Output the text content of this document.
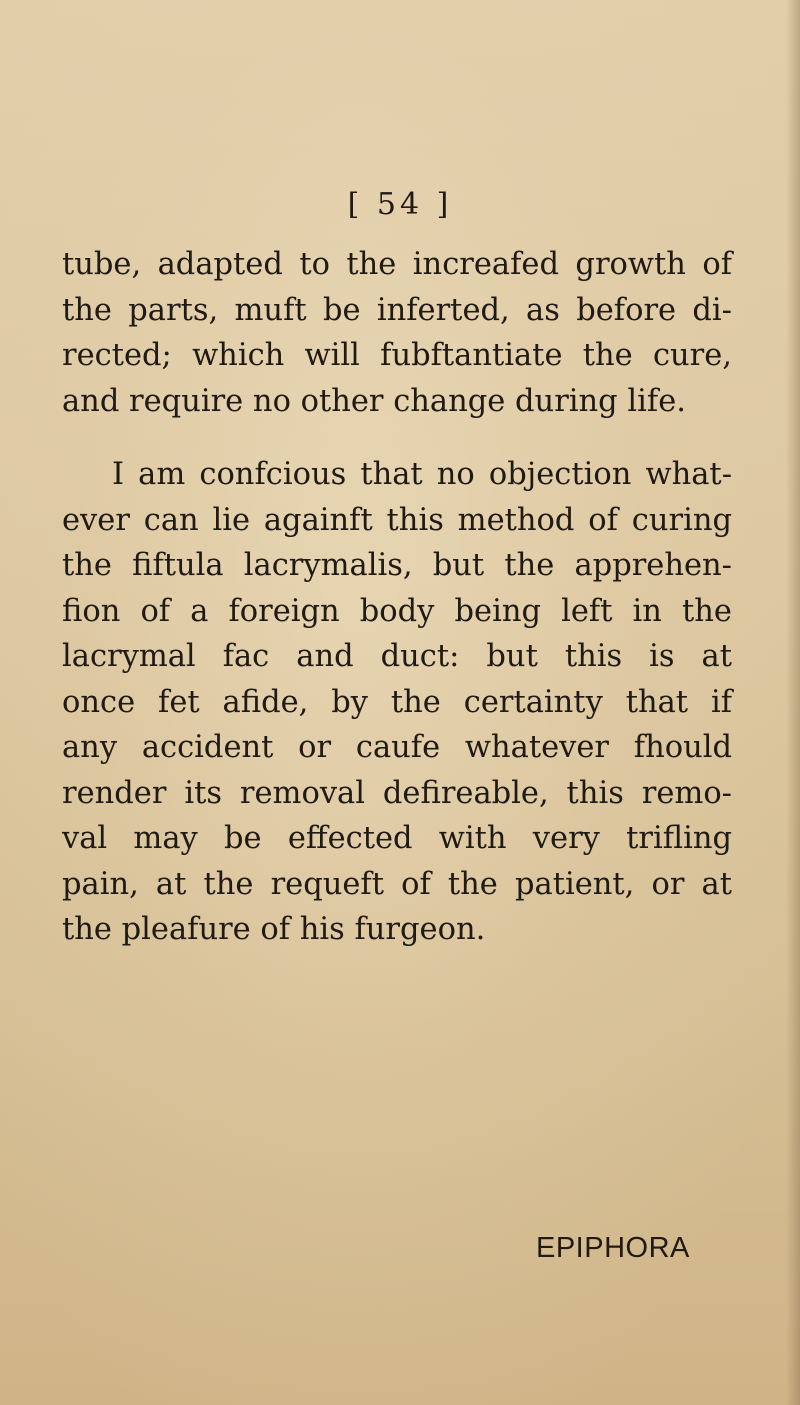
[ 54 ]
tube, adapted to the increafed growth of
the parts, muft be inferted, as before di-
rected; which will fubftantiate the cure,
and require no other change during life.
I am confcious that no objection what-
ever can lie againft this method of curing
the fiftula lacrymalis, but the apprehen-
fion of a foreign body being left in the
lacrymal fac and duct: but this is at
once fet afide, by the certainty that if
any accident or caufe whatever fhould
render its removal defireable, this remo-
val may be effected with very trifling
pain, at the requeft of the patient, or at
the pleafure of his furgeon.
EPIPHORA
